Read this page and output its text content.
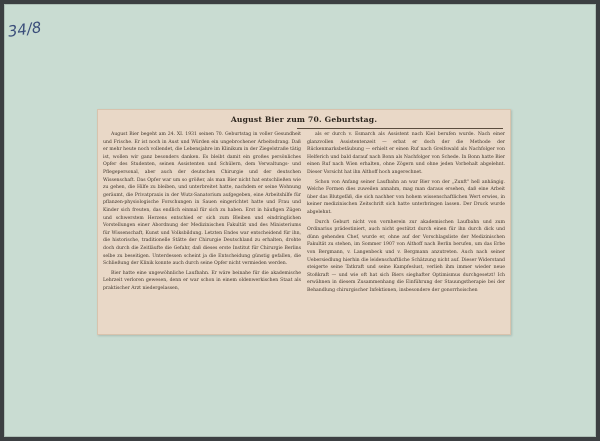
34/8
August Bier zum 70. Geburtstag.

August Bier begeht am 24. XI. 1931 seinen 70. Geburtstag in voller Gesundheit und Frische. Er ist noch in Aust und Würden ein ungebrochener Arbeitsdrang. Daß er mehr heute noch vollendet, die Lebensjahre im Klinikum in der Ziegelstraße tätig ist, wollen wir ganz besonders danken. Es bleibt damit ein großes persönliches Opfer des Studenten, seinen Assistenten und Schülern, dem Verwaltungs- und Pflegepersonal, aber auch der deutschen Chirurgie und der deutschen Wissenschaft. Das Opfer war um so größer, als man Bier nicht hat entschließen wie zu gehen, die Hilfe zu bleiben, und unterbreitet hatte, nachdem er seine Wohnung geräumt, die Privatpraxis in der Wutz-Sanatorium aufgegeben, eine Arbeitshilfe für pflanzen-physiologische Forschungen in Sauen eingerichtet hatte und Frau und Kinder sich freuten, das endlich einmal für sich zu haben. Erst in häufigen Zügen und schwerstem Herzens entschied er sich zum Bleiben und eindringlichen Vorstellungen einer Abordnung der Medizinischen Fakultät und des Ministeriums für Wissenschaft, Kunst und Volksbildung. Letzten Endes war entscheidend für ihn, die historische, traditionelle Stätte der Chirurgie Deutschland zu erhalten, drohte doch durch die Zeitläufte die Gefahr, daß dieses erste Institut für Chirurgie Berlins selbe zu beseitigen. Unterdessen scheint ja die Entscheidung günstig gefallen, die Schließung der Klinik konnte auch durch seine Opfer nicht vermieden werden.

Bier hatte eine ungewöhnliche Laufbahn. Er wäre beinahe für die akademische Lehrzeit verloren gewesen, denn er war schon in einem oldenwerkischen Staat als praktischer Arzt niedergelassen,

als er durch v. Esmarch als Assistent nach Kiel berufen wurde. Nach einer glanzvollen Assistentenzeit — erbat er doch der die Methode der Rückenmarksbetäubung — erhielt er einen Ruf nach Greifswald als Nachfolger von Helferich und bald darauf nach Bonn als Nachfolger von Schede. In Bonn hatte Bier einen Ruf nach Wien erhalten, ohne Zögern und ohne jeden Vorbehalt abgelehnt. Dieser Vorsicht hat ihn Althoff hoch angerechnet.

Schon von Anfang seiner Laufbahn an war Bier von der „Zunft" hell anhängig. Welche Formen dies zuweilen annahm, mag man daraus ersehen, daß eine Arbeit über das Blutgefäß, die sich nachher von hohem wissenschaftlichen Wert erwies, in keiner medizinischen Zeitschrift sich hatte unterbringen lassen. Der Druck wurde abgelehnt.

Durch Geburt nicht von vornherein zur akademischen Laufbahn und zum Ordinarius prädestiniert, auch nicht gestützt durch einen für ihn durch dick und dünn gehenden Chef, wurde er, ohne auf der Vorschlagsliste der Medizinischen Fakultät zu stehen, im Sommer 1907 von Althoff nach Berlin berufen, um das Erbe von Bergmann, v. Langenbeck und v. Bergmann anzutreten. Auch nach seiner Uebersiedlung hierhin die leidenschaftliche Schätzung nicht auf. Dieser Widerstand steigerte seine Tatkraft und seine Kampfeslust, verlieh ihm immer wieder neue Stoßkraft — und wie oft hat sich Biers sieghafter Optimismus durchgesetzt! Ich erwähnen in diesem Zusammenhang die Einführung der Stauungstherapie bei der Behandlung chirurgischer Infektionen, insbesondere der gonorrhoischen
